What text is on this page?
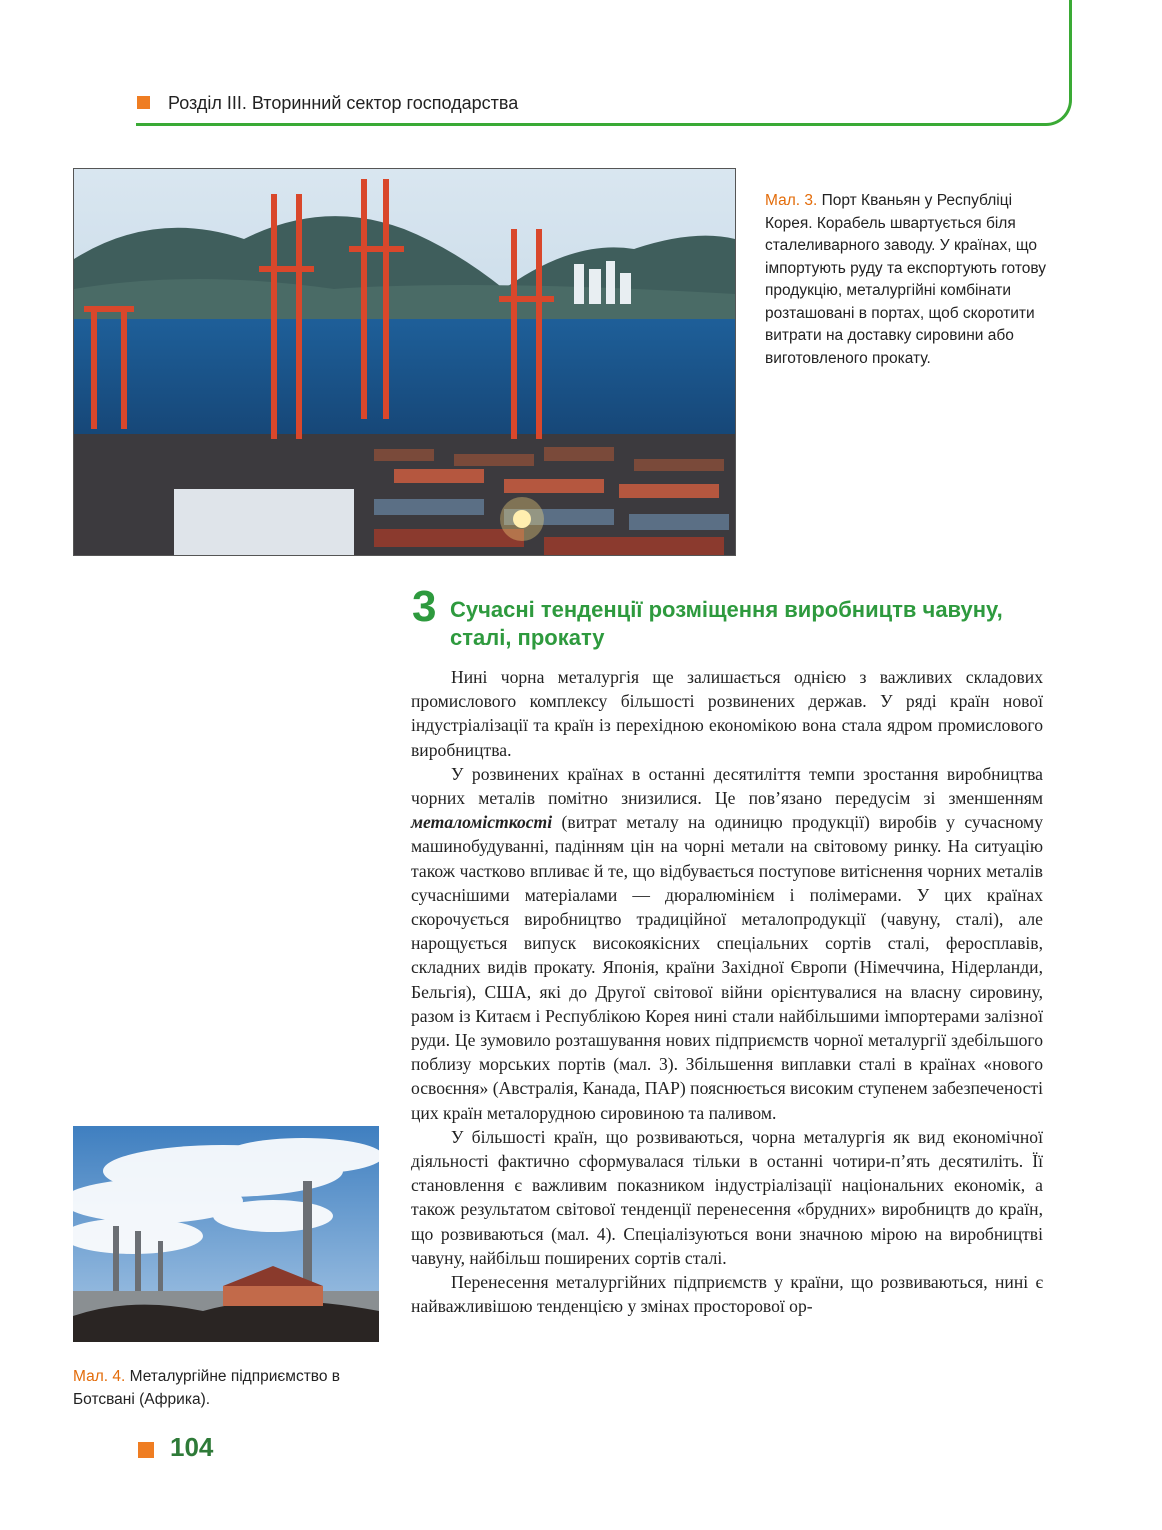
Розділ ІІІ. Вторинний сектор господарства
Мал. 3. Порт Кваньян у Республіці Корея. Корабель швартується біля сталеливарного заводу. У країнах, що імпортують руду та експортують готову продукцію, металургійні комбінати розташовані в портах, щоб скоротити витрати на доставку сировини або виготовленого прокату.
3 Сучасні тенденції розміщення виробництв чавуну, сталі, прокату

Нині чорна металургія ще залишається однією з важливих складових промислового комплексу більшості розвинених держав. У ряді країн нової індустріалізації та країн із перехідною економікою вона стала ядром промислового виробництва.

У розвинених країнах в останні десятиліття темпи зростання виробництва чорних металів помітно знизилися. Це пов’язано передусім зі зменшенням металомісткості (витрат металу на одиницю продукції) виробів у сучасному машинобудуванні, падінням цін на чорні метали на світовому ринку. На ситуацію також частково впливає й те, що відбувається поступове витіснення чорних металів сучаснішими матеріалами — дюралюмінієм і полімерами. У цих країнах скорочується виробництво традиційної металопродукції (чавуну, сталі), але нарощується випуск високоякісних спеціальних сортів сталі, феросплавів, складних видів прокату. Японія, країни Західної Європи (Німеччина, Нідерланди, Бельгія), США, які до Другої світової війни орієнтувалися на власну сировину, разом із Китаєм і Республікою Корея нині стали найбільшими імпортерами залізної руди. Це зумовило розташування нових підприємств чорної металургії здебільшого поблизу морських портів (мал. 3). Збільшення виплавки сталі в країнах «нового освоєння» (Австралія, Канада, ПАР) пояснюється високим ступенем забезпеченості цих країн металорудною сировиною та паливом.

У більшості країн, що розвиваються, чорна металургія як вид економічної діяльності фактично сформувалася тільки в останні чотири-п’ять десятиліть. Її становлення є важливим показником індустріалізації національних економік, а також результатом світової тенденції перенесення «брудних» виробництв до країн, що розвиваються (мал. 4). Спеціалізуються вони значною мірою на виробництві чавуну, найбільш поширених сортів сталі.

Перенесення металургійних підприємств у країни, що розвиваються, нині є найважливішою тенденцією у змінах просторової ор-

Мал. 4. Металургійне підприємство в Ботсвані (Африка).
104
